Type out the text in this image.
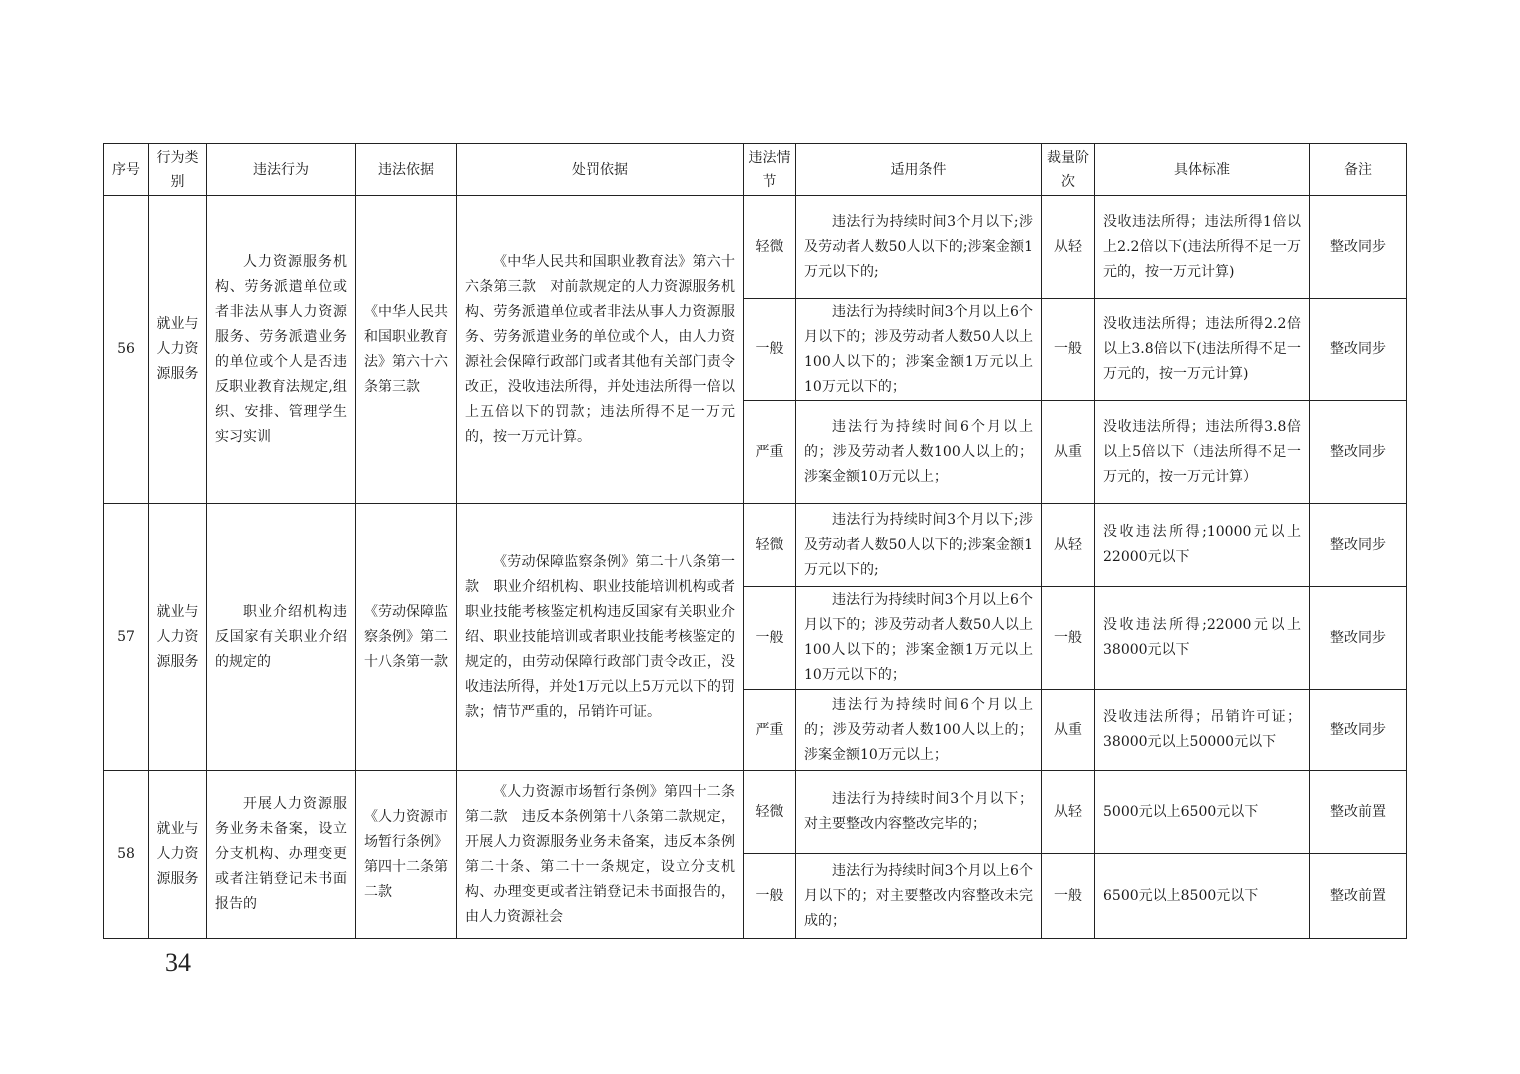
序号	行为类别	违法行为	违法依据	处罚依据	违法情节	适用条件	裁量阶次	具体标准	备注
56	就业与人力资源服务	人力资源服务机构、劳务派遣单位或者非法从事人力资源服务、劳务派遣业务的单位或个人是否违反职业教育法规定,组织、安排、管理学生实习实训	《中华人民共和国职业教育法》第六十六条第三款	《中华人民共和国职业教育法》第六十六条第三款　对前款规定的人力资源服务机构、劳务派遣单位或者非法从事人力资源服务、劳务派遣业务的单位或个人，由人力资源社会保障行政部门或者其他有关部门责令改正，没收违法所得，并处违法所得一倍以上五倍以下的罚款；违法所得不足一万元的，按一万元计算。	轻微	违法行为持续时间3个月以下;涉及劳动者人数50人以下的;涉案金额1万元以下的;	从轻	没收违法所得；违法所得1倍以上2.2倍以下(违法所得不足一万元的，按一万元计算)	整改同步
					一般	违法行为持续时间3个月以上6个月以下的；涉及劳动者人数50人以上100人以下的；涉案金额1万元以上10万元以下的；	一般	没收违法所得；违法所得2.2倍以上3.8倍以下(违法所得不足一万元的，按一万元计算)	整改同步
					严重	违法行为持续时间6个月以上的；涉及劳动者人数100人以上的；涉案金额10万元以上；	从重	没收违法所得；违法所得3.8倍以上5倍以下（违法所得不足一万元的，按一万元计算）	整改同步
57	就业与人力资源服务	职业介绍机构违反国家有关职业介绍的规定的	《劳动保障监察条例》第二十八条第一款	《劳动保障监察条例》第二十八条第一款　职业介绍机构、职业技能培训机构或者职业技能考核鉴定机构违反国家有关职业介绍、职业技能培训或者职业技能考核鉴定的规定的，由劳动保障行政部门责令改正，没收违法所得，并处1万元以上5万元以下的罚款；情节严重的，吊销许可证。	轻微	违法行为持续时间3个月以下;涉及劳动者人数50人以下的;涉案金额1万元以下的;	从轻	没收违法所得;10000元以上22000元以下	整改同步
					一般	违法行为持续时间3个月以上6个月以下的；涉及劳动者人数50人以上100人以下的；涉案金额1万元以上10万元以下的；	一般	没收违法所得;22000元以上38000元以下	整改同步
					严重	违法行为持续时间6个月以上的；涉及劳动者人数100人以上的；涉案金额10万元以上；	从重	没收违法所得；吊销许可证；38000元以上50000元以下	整改同步
58	就业与人力资源服务	开展人力资源服务业务未备案，设立分支机构、办理变更或者注销登记未书面报告的	《人力资源市场暂行条例》第四十二条第二款	《人力资源市场暂行条例》第四十二条第二款　违反本条例第十八条第二款规定，开展人力资源服务业务未备案，违反本条例第二十条、第二十一条规定，设立分支机构、办理变更或者注销登记未书面报告的，由人力资源社会	轻微	违法行为持续时间3个月以下；对主要整改内容整改完毕的；	从轻	5000元以上6500元以下	整改前置
					一般	违法行为持续时间3个月以上6个月以下的；对主要整改内容整改未完成的；	一般	6500元以上8500元以下	整改前置
34
